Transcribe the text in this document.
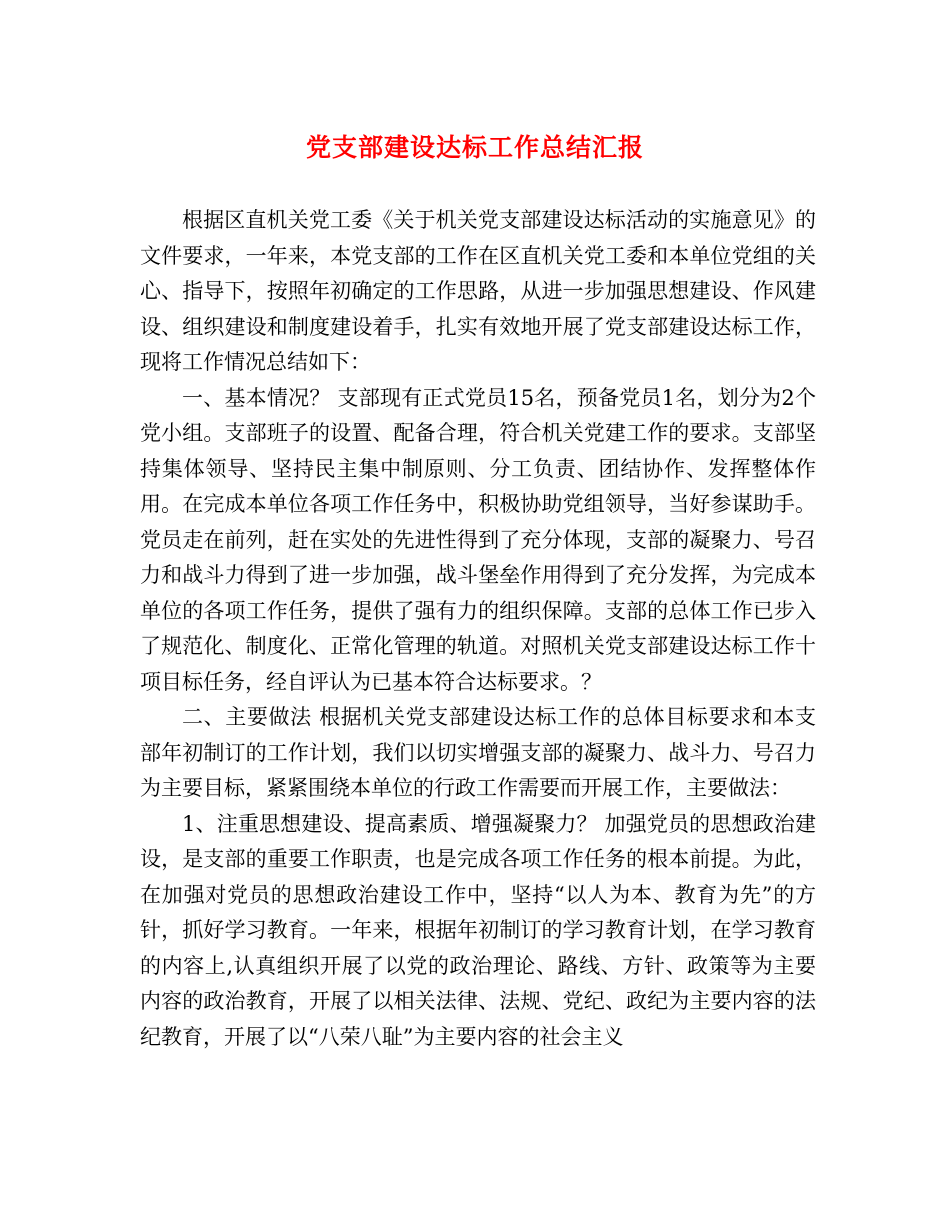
党支部建设达标工作总结汇报

根据区直机关党工委《关于机关党支部建设达标活动的实施意见》的文件要求，一年来，本党支部的工作在区直机关党工委和本单位党组的关心、指导下，按照年初确定的工作思路，从进一步加强思想建设、作风建设、组织建设和制度建设着手，扎实有效地开展了党支部建设达标工作，现将工作情况总结如下：

一、基本情况？ 支部现有正式党员15名，预备党员1名，划分为2个党小组。支部班子的设置、配备合理，符合机关党建工作的要求。支部坚持集体领导、坚持民主集中制原则、分工负责、团结协作、发挥整体作用。在完成本单位各项工作任务中，积极协助党组领导，当好参谋助手。党员走在前列，赶在实处的先进性得到了充分体现，支部的凝聚力、号召力和战斗力得到了进一步加强，战斗堡垒作用得到了充分发挥，为完成本单位的各项工作任务，提供了强有力的组织保障。支部的总体工作已步入了规范化、制度化、正常化管理的轨道。对照机关党支部建设达标工作十项目标任务，经自评认为已基本符合达标要求。？

二、主要做法 根据机关党支部建设达标工作的总体目标要求和本支部年初制订的工作计划，我们以切实增强支部的凝聚力、战斗力、号召力为主要目标，紧紧围绕本单位的行政工作需要而开展工作，主要做法：

1、注重思想建设、提高素质、增强凝聚力？ 加强党员的思想政治建设，是支部的重要工作职责，也是完成各项工作任务的根本前提。为此，在加强对党员的思想政治建设工作中，坚持“以人为本、教育为先”的方针，抓好学习教育。一年来，根据年初制订的学习教育计划，在学习教育的内容上,认真组织开展了以党的政治理论、路线、方针、政策等为主要内容的政治教育，开展了以相关法律、法规、党纪、政纪为主要内容的法纪教育，开展了以“八荣八耻”为主要内容的社会主义
